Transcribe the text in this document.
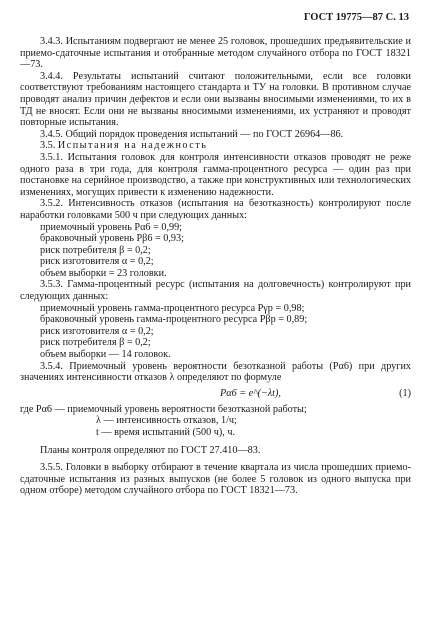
ГОСТ 19775—87 С. 13

3.4.3. Испытаниям подвергают не менее 25 головок, прошедших предъявительские и приемо-сдаточные испытания и отобранные методом случайного отбора по ГОСТ 18321—73.

3.4.4. Результаты испытаний считают положительными, если все головки соответствуют требованиям настоящего стандарта и ТУ на головки. В противном случае проводят анализ причин дефектов и если они вызваны вносимыми изменениями, то их в ТД не вносят. Если они не вызваны вносимыми изменениями, их устраняют и проводят повторные испытания.

3.4.5. Общий порядок проведения испытаний — по ГОСТ 26964—86.

3.5. Испытания на надежность

3.5.1. Испытания головок для контроля интенсивности отказов проводят не реже одного раза в три года, для контроля гамма-процентного ресурса — один раз при постановке на серийное производство, а также при конструктивных или технологических изменениях, могущих привести к изменению надежности.

3.5.2. Интенсивность отказов (испытания на безотказность) контролируют после наработки головками 500 ч при следующих данных:

приемочный уровень Pα6 = 0,99;

браковочный уровень Pβ6 = 0,93;

риск потребителя β = 0,2;

риск изготовителя α = 0,2;

объем выборки = 23 головки.

3.5.3. Гамма-процентный ресурс (испытания на долговечность) контролируют при следующих данных:

приемочный уровень гамма-процентного ресурса Pγp = 0,98;

браковочный уровень гамма-процентного ресурса Pβp = 0,89;

риск изготовителя α = 0,2;

риск потребителя β = 0,2;

объем выборки — 14 головок.

3.5.4. Приемочный уровень вероятности безотказной работы (Pα6) при других значениях интенсивности отказов λ определяют по формуле

Pα6 = e^(−λt),	(1)

где Pα6 — приемочный уровень вероятности безотказной работы;

λ — интенсивность отказов, 1/ч;

t — время испытаний (500 ч), ч.

Планы контроля определяют по ГОСТ 27.410—83.

3.5.5. Головки в выборку отбирают в течение квартала из числа прошедших приемо-сдаточные испытания из разных выпусков (не более 5 головок из одного выпуска при одном отборе) методом случайного отбора по ГОСТ 18321—73.
